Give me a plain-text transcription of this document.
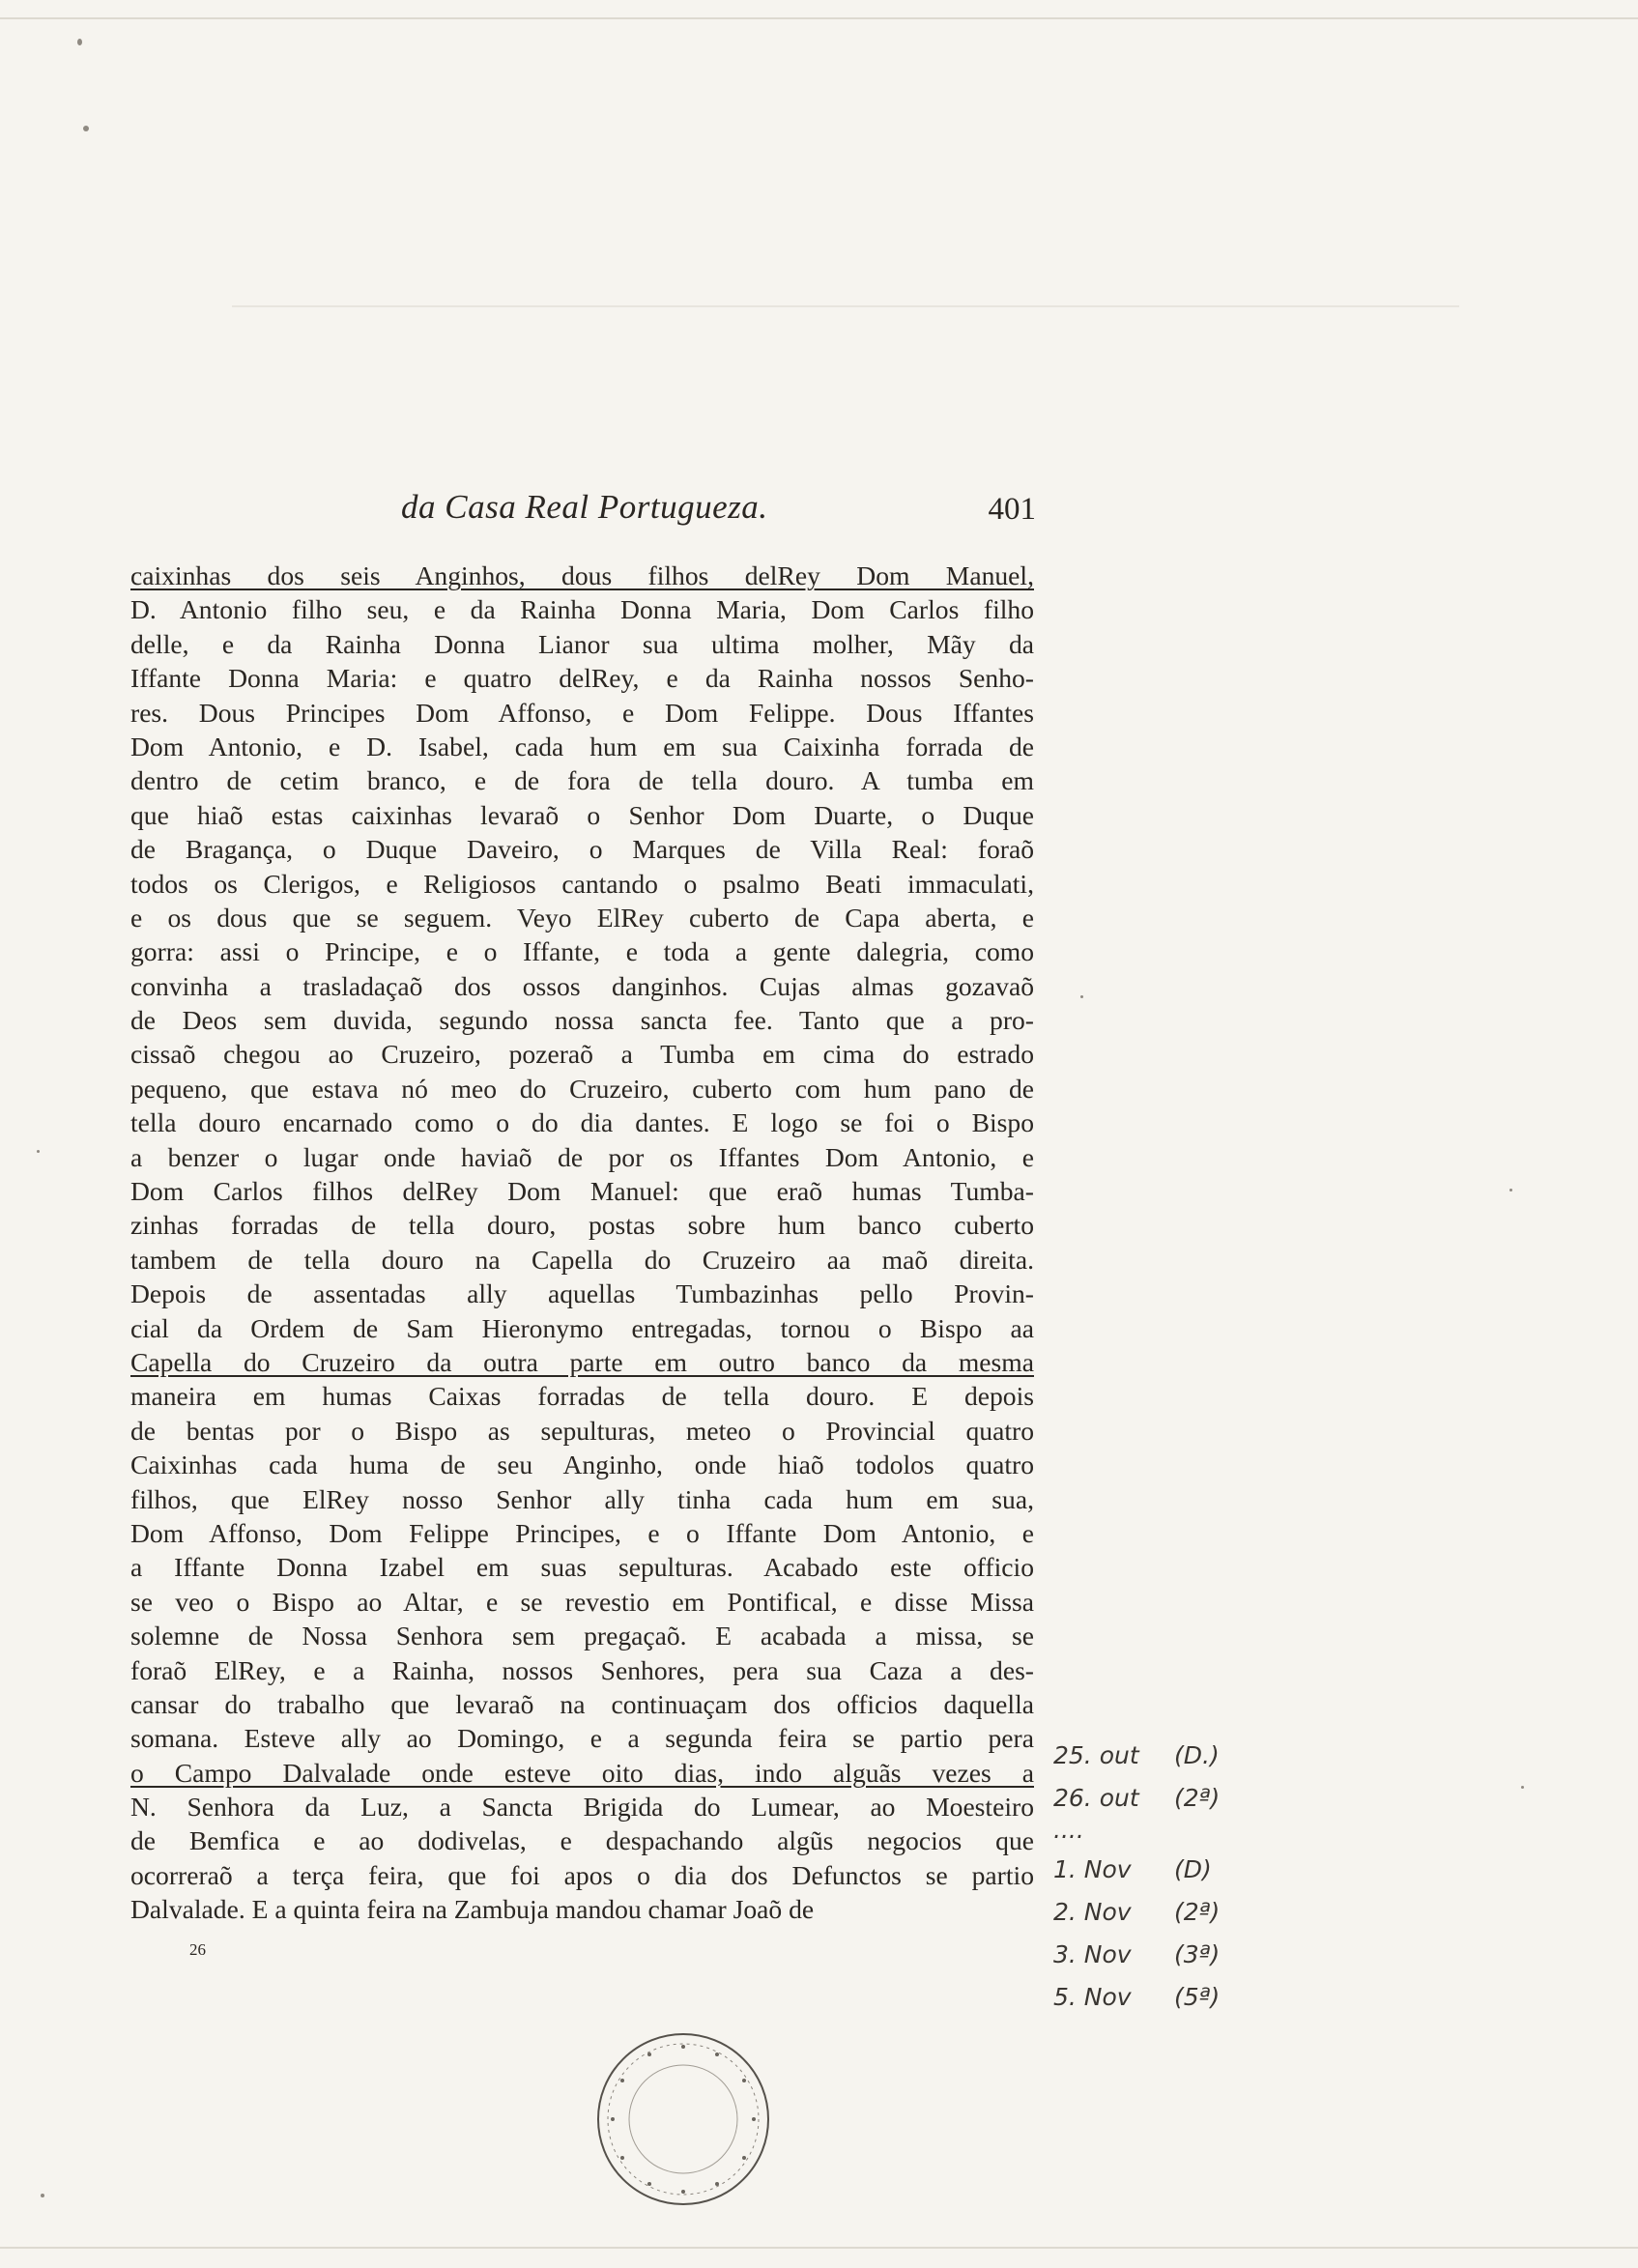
da Casa Real Portugueza.	401
caixinhas dos seis Anginhos, dous filhos delRey Dom Manuel,
D. Antonio filho seu, e da Rainha Donna Maria, Dom Carlos filho
delle, e da Rainha Donna Lianor sua ultima molher, Mãy da
Iffante Donna Maria: e quatro delRey, e da Rainha nossos Senho-
res. Dous Principes Dom Affonso, e Dom Felippe. Dous Iffantes
Dom Antonio, e D. Isabel, cada hum em sua Caixinha forrada de
dentro de cetim branco, e de fora de tella douro. A tumba em
que hiaõ estas caixinhas levaraõ o Senhor Dom Duarte, o Duque
de Bragança, o Duque Daveiro, o Marques de Villa Real: foraõ
todos os Clerigos, e Religiosos cantando o psalmo Beati immaculati,
e os dous que se seguem. Veyo ElRey cuberto de Capa aberta, e
gorra: assi o Principe, e o Iffante, e toda a gente dalegria, como
convinha a trasladaçaõ dos ossos danginhos. Cujas almas gozavaõ
de Deos sem duvida, segundo nossa sancta fee. Tanto que a pro-
cissaõ chegou ao Cruzeiro, pozeraõ a Tumba em cima do estrado
pequeno, que estava nó meo do Cruzeiro, cuberto com hum pano de
tella douro encarnado como o do dia dantes. E logo se foi o Bispo
a benzer o lugar onde haviaõ de por os Iffantes Dom Antonio, e
Dom Carlos filhos delRey Dom Manuel: que eraõ humas Tumba-
zinhas forradas de tella douro, postas sobre hum banco cuberto
tambem de tella douro na Capella do Cruzeiro aa maõ direita.
Depois de assentadas ally aquellas Tumbazinhas pello Provin-
cial da Ordem de Sam Hieronymo entregadas, tornou o Bispo aa
Capella do Cruzeiro da outra parte em outro banco da mesma
maneira em humas Caixas forradas de tella douro. E depois
de bentas por o Bispo as sepulturas, meteo o Provincial quatro
Caixinhas cada huma de seu Anginho, onde hiaõ todolos quatro
filhos, que ElRey nosso Senhor ally tinha cada hum em sua,
Dom Affonso, Dom Felippe Principes, e o Iffante Dom Antonio, e
a Iffante Donna Izabel em suas sepulturas. Acabado este officio
se veo o Bispo ao Altar, e se revestio em Pontifical, e disse Missa
solemne de Nossa Senhora sem pregaçaõ. E acabada a missa, se
foraõ ElRey, e a Rainha, nossos Senhores, pera sua Caza a des-
cansar do trabalho que levaraõ na continuaçam dos officios daquella
somana. Esteve ally ao Domingo, e a segunda feira se partio pera
o Campo Dalvalade onde esteve oito dias, indo alguãs vezes a
N. Senhora da Luz, a Sancta Brigida do Lumear, ao Moesteiro
de Bemfica e ao dodivelas, e despachando algũs negocios que
ocorreraõ a terça feira, que foi apos o dia dos Defunctos se partio
Dalvalade. E a quinta feira na Zambuja mandou chamar Joaõ de
26
25. out (D.)
26. out (2ª)
....
1. Nov (D)
2. Nov (2ª)
3. Nov (3ª)
5. Nov (5ª)
